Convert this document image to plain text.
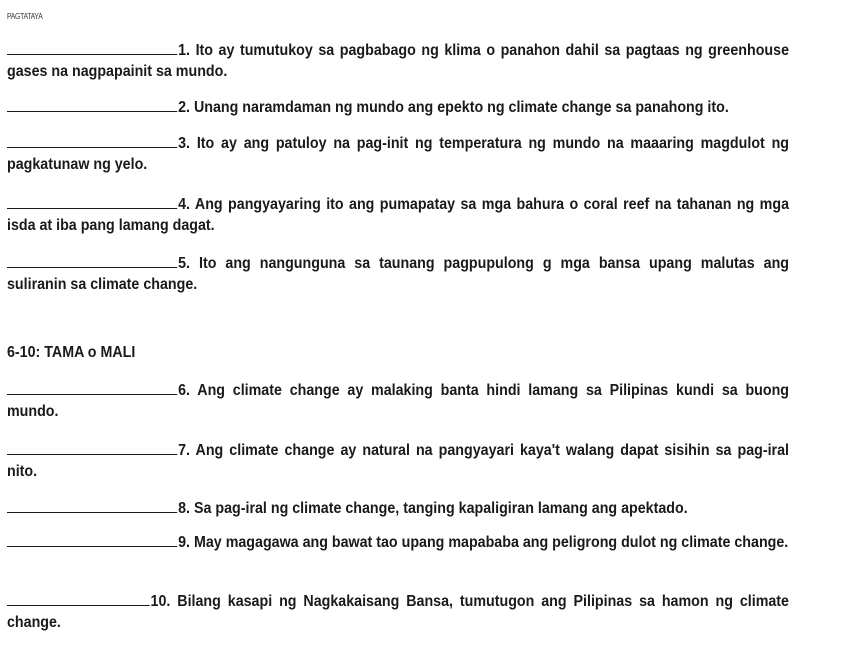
PAGTATAYA
1. Ito ay tumutukoy sa pagbabago ng klima o panahon dahil sa pagtaas ng greenhouse gases na nagpapainit sa mundo.
2. Unang naramdaman ng mundo ang epekto ng climate change sa panahong ito.
3. Ito ay ang patuloy na pag-init ng temperatura ng mundo na maaaring magdulot ng pagkatunaw ng yelo.
4. Ang pangyayaring ito ang pumapatay sa mga bahura o coral reef na tahanan ng mga isda at iba pang lamang dagat.
5. Ito ang nangunguna sa taunang pagpupulong g mga bansa upang malutas ang suliranin sa climate change.
6-10: TAMA o MALI
6. Ang climate change ay malaking banta hindi lamang sa Pilipinas kundi sa buong mundo.
7. Ang climate change ay natural na pangyayari kaya't walang dapat sisihin sa pag-iral nito.
8. Sa pag-iral ng climate change, tanging kapaligiran lamang ang apektado.
9. May magagawa ang bawat tao upang mapababa ang peligrong dulot ng climate change.
10. Bilang kasapi ng Nagkakaisang Bansa, tumutugon ang Pilipinas sa hamon ng climate change.
